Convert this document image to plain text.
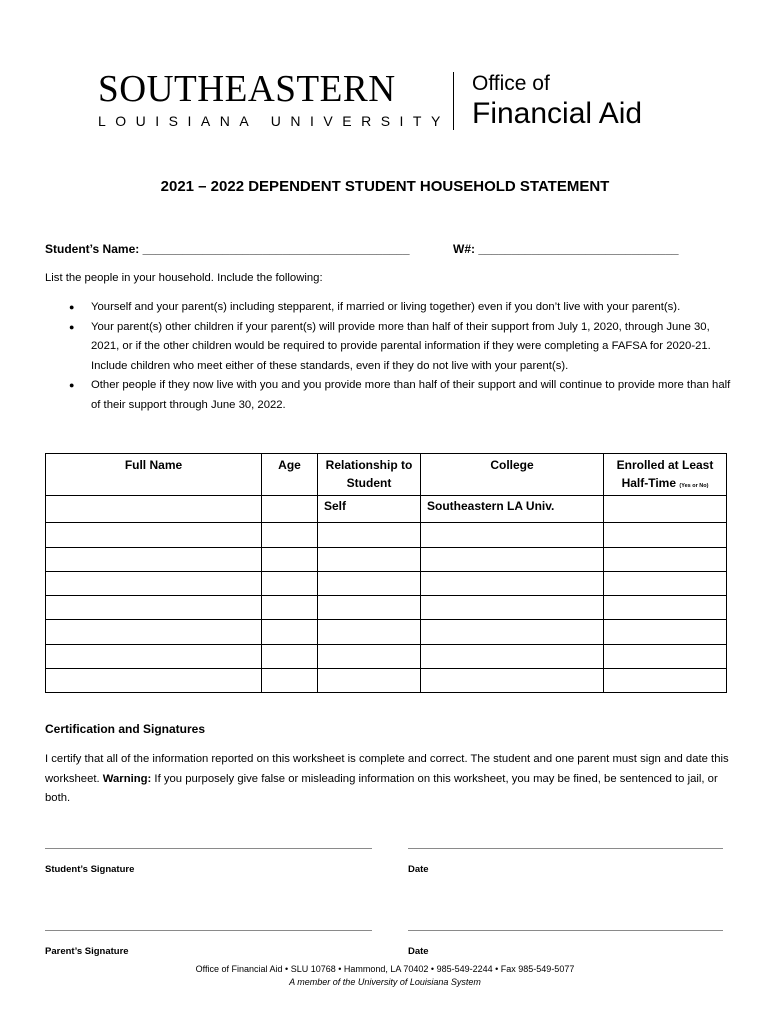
SOUTHEASTERN
LOUISIANA UNIVERSITY
Office of
Financial Aid
2021 – 2022 DEPENDENT STUDENT HOUSEHOLD STATEMENT
Student’s Name: ________________________________________	W#: ______________________________
List the people in your household. Include the following:
● Yourself and your parent(s) including stepparent, if married or living together) even if you don’t live with your parent(s).
● Your parent(s) other children if your parent(s) will provide more than half of their support from July 1, 2020, through June 30, 2021, or if the other children would be required to provide parental information if they were completing a FAFSA for 2020-21. Include children who meet either of these standards, even if they do not live with your parent(s).
● Other people if they now live with you and you provide more than half of their support and will continue to provide more than half of their support through June 30, 2022.
Full Name	Age	Relationship to Student	College	Enrolled at Least Half-Time (Yes or No)
		Self	Southeastern LA Univ.	

Certification and Signatures
I certify that all of the information reported on this worksheet is complete and correct. The student and one parent must sign and date this worksheet. Warning: If you purposely give false or misleading information on this worksheet, you may be fined, be sentenced to jail, or both.
Student’s Signature	Date
Parent’s Signature	Date
Office of Financial Aid • SLU 10768 • Hammond, LA 70402 • 985-549-2244 • Fax 985-549-5077
A member of the University of Louisiana System
